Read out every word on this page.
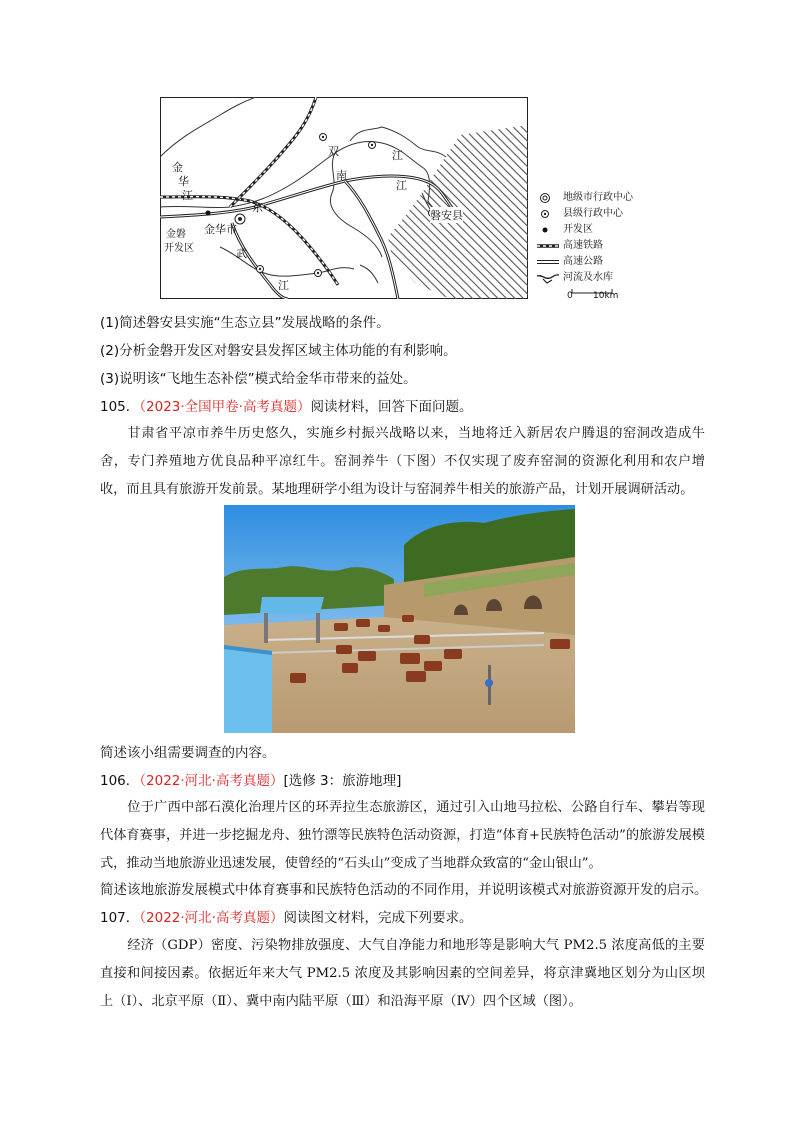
金
华
江
金磐
开发区
金华市
东
武
江
双
南
江
江
磐安县
地级市行政中心
县级行政中心
开发区
高速铁路
高速公路
河流及水库
0 10km
(1)简述磐安县实施“生态立县”发展战略的条件。
(2)分析金磐开发区对磐安县发挥区域主体功能的有利影响。
(3)说明该“飞地生态补偿”模式给金华市带来的益处。
105．（2023·全国甲卷·高考真题）阅读材料，回答下面问题。
甘肃省平凉市养牛历史悠久，实施乡村振兴战略以来，当地将迁入新居农户腾退的窑洞改造成牛舍，专门养殖地方优良品种平凉红牛。窑洞养牛（下图）不仅实现了废弃窑洞的资源化利用和农户增收，而且具有旅游开发前景。某地理研学小组为设计与窑洞养牛相关的旅游产品，计划开展调研活动。
简述该小组需要调查的内容。
106．（2022·河北·高考真题）[选修 3：旅游地理]
位于广西中部石漠化治理片区的环弄拉生态旅游区，通过引入山地马拉松、公路自行车、攀岩等现代体育赛事，并进一步挖掘龙舟、独竹漂等民族特色活动资源，打造“体育+民族特色活动”的旅游发展模式，推动当地旅游业迅速发展，使曾经的“石头山”变成了当地群众致富的“金山银山”。
简述该地旅游发展模式中体育赛事和民族特色活动的不同作用，并说明该模式对旅游资源开发的启示。
107．（2022·河北·高考真题）阅读图文材料，完成下列要求。
经济（GDP）密度、污染物排放强度、大气自净能力和地形等是影响大气 PM2.5 浓度高低的主要直接和间接因素。依据近年来大气 PM2.5 浓度及其影响因素的空间差异，将京津冀地区划分为山区坝上（Ⅰ）、北京平原（Ⅱ）、冀中南内陆平原（Ⅲ）和沿海平原（Ⅳ）四个区域（图）。
